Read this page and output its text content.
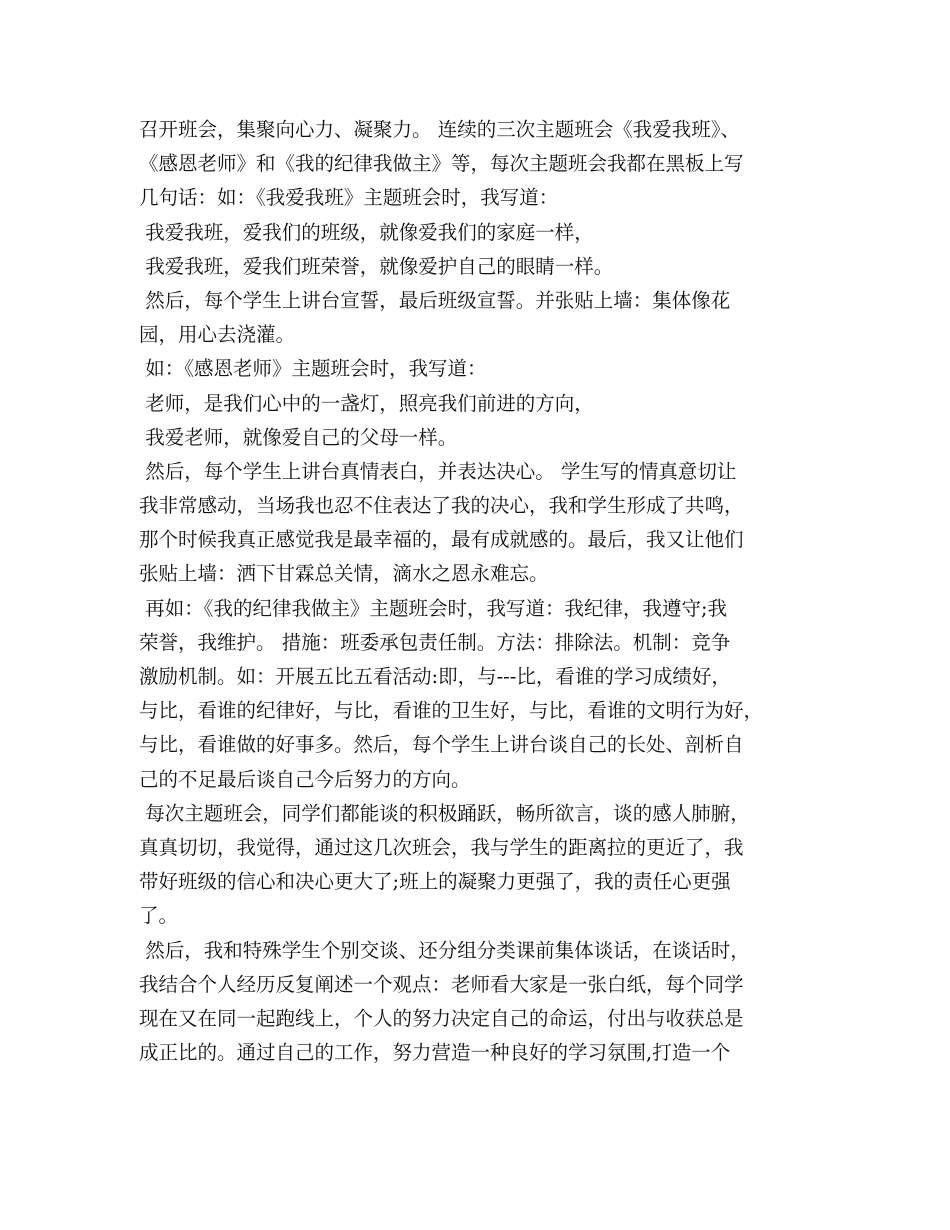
召开班会，集聚向心力、凝聚力。 连续的三次主题班会《我爱我班》、
《感恩老师》和《我的纪律我做主》等，每次主题班会我都在黑板上写
几句话：如：《我爱我班》主题班会时，我写道：
我爱我班，爱我们的班级，就像爱我们的家庭一样，
我爱我班，爱我们班荣誉，就像爱护自己的眼睛一样。
然后，每个学生上讲台宣誓，最后班级宣誓。并张贴上墙：集体像花
园，用心去浇灌。
如：《感恩老师》主题班会时，我写道：
老师，是我们心中的一盏灯，照亮我们前进的方向，
我爱老师，就像爱自己的父母一样。
然后，每个学生上讲台真情表白，并表达决心。 学生写的情真意切让
我非常感动，当场我也忍不住表达了我的决心，我和学生形成了共鸣，
那个时候我真正感觉我是最幸福的，最有成就感的。最后，我又让他们
张贴上墙：洒下甘霖总关情，滴水之恩永难忘。
再如：《我的纪律我做主》主题班会时，我写道：我纪律，我遵守;我
荣誉，我维护。 措施：班委承包责任制。方法：排除法。机制：竞争
激励机制。如：开展五比五看活动:即，与---比，看谁的学习成绩好，
与比，看谁的纪律好，与比，看谁的卫生好，与比，看谁的文明行为好，
与比，看谁做的好事多。然后，每个学生上讲台谈自己的长处、剖析自
己的不足最后谈自己今后努力的方向。
每次主题班会，同学们都能谈的积极踊跃，畅所欲言，谈的感人肺腑，
真真切切，我觉得，通过这几次班会，我与学生的距离拉的更近了，我
带好班级的信心和决心更大了;班上的凝聚力更强了，我的责任心更强
了。
然后，我和特殊学生个别交谈、还分组分类课前集体谈话，在谈话时，
我结合个人经历反复阐述一个观点：老师看大家是一张白纸，每个同学
现在又在同一起跑线上，个人的努力决定自己的命运，付出与收获总是
成正比的。通过自己的工作，努力营造一种良好的学习氛围,打造一个
